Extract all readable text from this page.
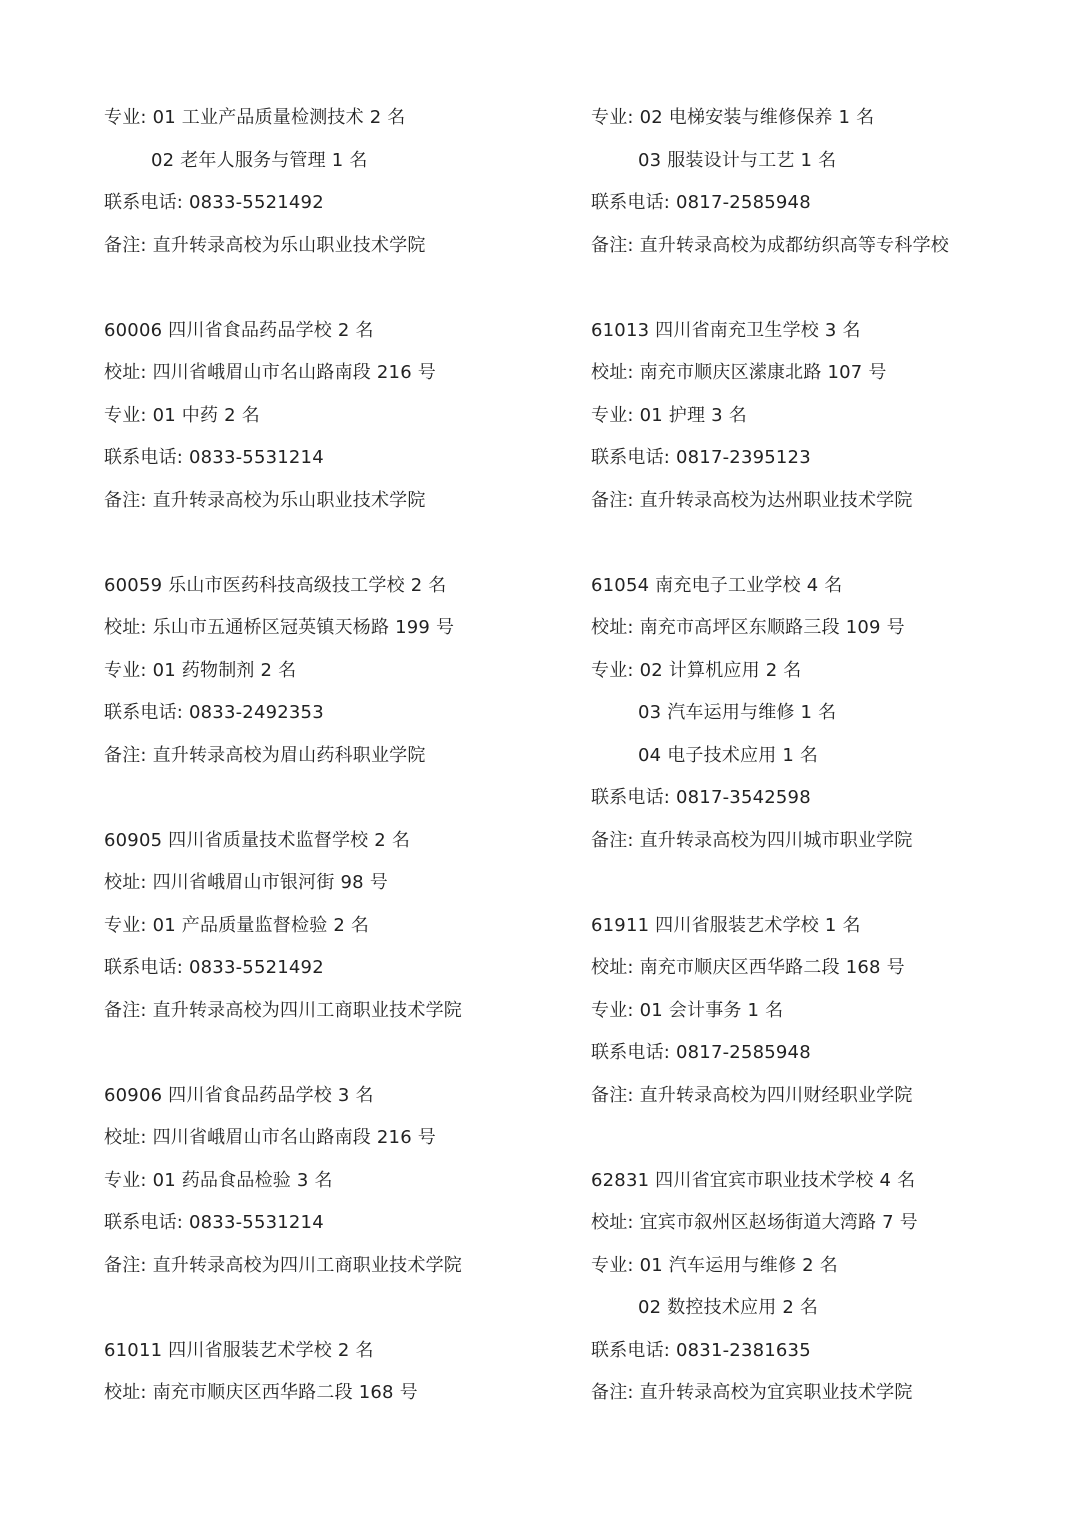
专业: 01 工业产品质量检测技术 2 名
02 老年人服务与管理 1 名
联系电话: 0833-5521492
备注: 直升转录高校为乐山职业技术学院
60006 四川省食品药品学校 2 名
校址: 四川省峨眉山市名山路南段 216 号
专业: 01 中药 2 名
联系电话: 0833-5531214
备注: 直升转录高校为乐山职业技术学院
60059 乐山市医药科技高级技工学校 2 名
校址: 乐山市五通桥区冠英镇天杨路 199 号
专业: 01 药物制剂 2 名
联系电话: 0833-2492353
备注: 直升转录高校为眉山药科职业学院
60905 四川省质量技术监督学校 2 名
校址: 四川省峨眉山市银河街 98 号
专业: 01 产品质量监督检验 2 名
联系电话: 0833-5521492
备注: 直升转录高校为四川工商职业技术学院
60906 四川省食品药品学校 3 名
校址: 四川省峨眉山市名山路南段 216 号
专业: 01 药品食品检验 3 名
联系电话: 0833-5531214
备注: 直升转录高校为四川工商职业技术学院
61011 四川省服装艺术学校 2 名
校址: 南充市顺庆区西华路二段 168 号
专业: 02 电梯安装与维修保养 1 名
03 服装设计与工艺 1 名
联系电话: 0817-2585948
备注: 直升转录高校为成都纺织高等专科学校
61013 四川省南充卫生学校 3 名
校址: 南充市顺庆区潆康北路 107 号
专业: 01 护理 3 名
联系电话: 0817-2395123
备注: 直升转录高校为达州职业技术学院
61054 南充电子工业学校 4 名
校址: 南充市高坪区东顺路三段 109 号
专业: 02 计算机应用 2 名
03 汽车运用与维修 1 名
04 电子技术应用 1 名
联系电话: 0817-3542598
备注: 直升转录高校为四川城市职业学院
61911 四川省服装艺术学校 1 名
校址: 南充市顺庆区西华路二段 168 号
专业: 01 会计事务 1 名
联系电话: 0817-2585948
备注: 直升转录高校为四川财经职业学院
62831 四川省宜宾市职业技术学校 4 名
校址: 宜宾市叙州区赵场街道大湾路 7 号
专业: 01 汽车运用与维修 2 名
02 数控技术应用 2 名
联系电话: 0831-2381635
备注: 直升转录高校为宜宾职业技术学院
